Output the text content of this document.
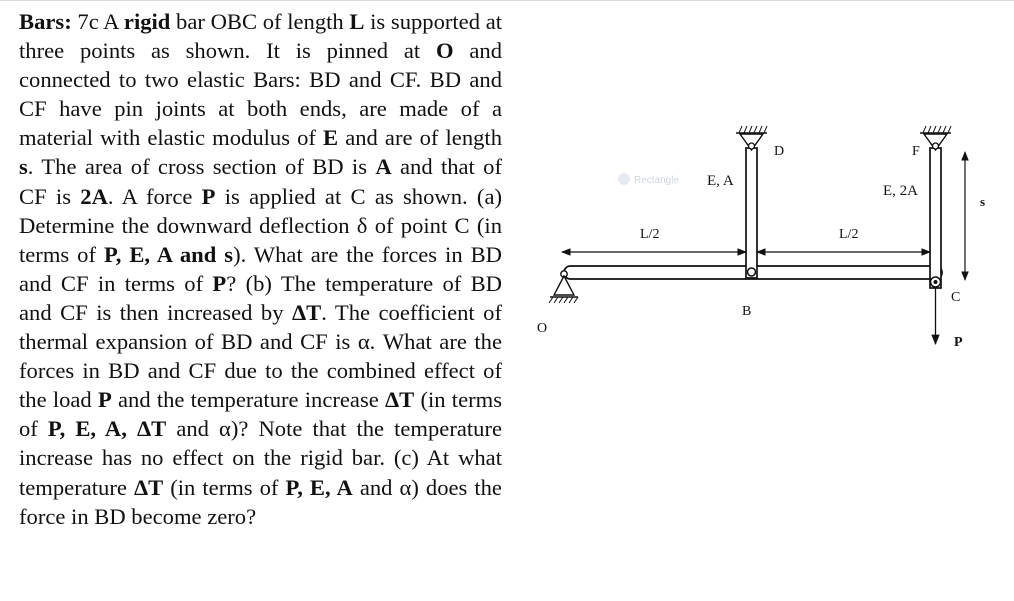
Bars: 7c A rigid bar OBC of length L is supported at three points as shown. It is pinned at O and connected to two elastic Bars: BD and CF. BD and CF have pin joints at both ends, are made of a material with elastic modulus of E and are of length s. The area of cross section of BD is A and that of CF is 2A. A force P is applied at C as shown. (a) Determine the downward deflection δ of point C (in terms of P, E, A and s). What are the forces in BD and CF in terms of P? (b) The temperature of BD and CF is then increased by ΔT. The coefficient of thermal expansion of BD and CF is α. What are the forces in BD and CF due to the combined effect of the load P and the temperature increase ΔT (in terms of P, E, A, ΔT and α)? Note that the temperature increase has no effect on the rigid bar. (c) At what temperature ΔT (in terms of P, E, A and α) does the force in BD become zero?
Rectangle
O
B
C
D	F
P
s
L/2	L/2
E, A
E, 2A
